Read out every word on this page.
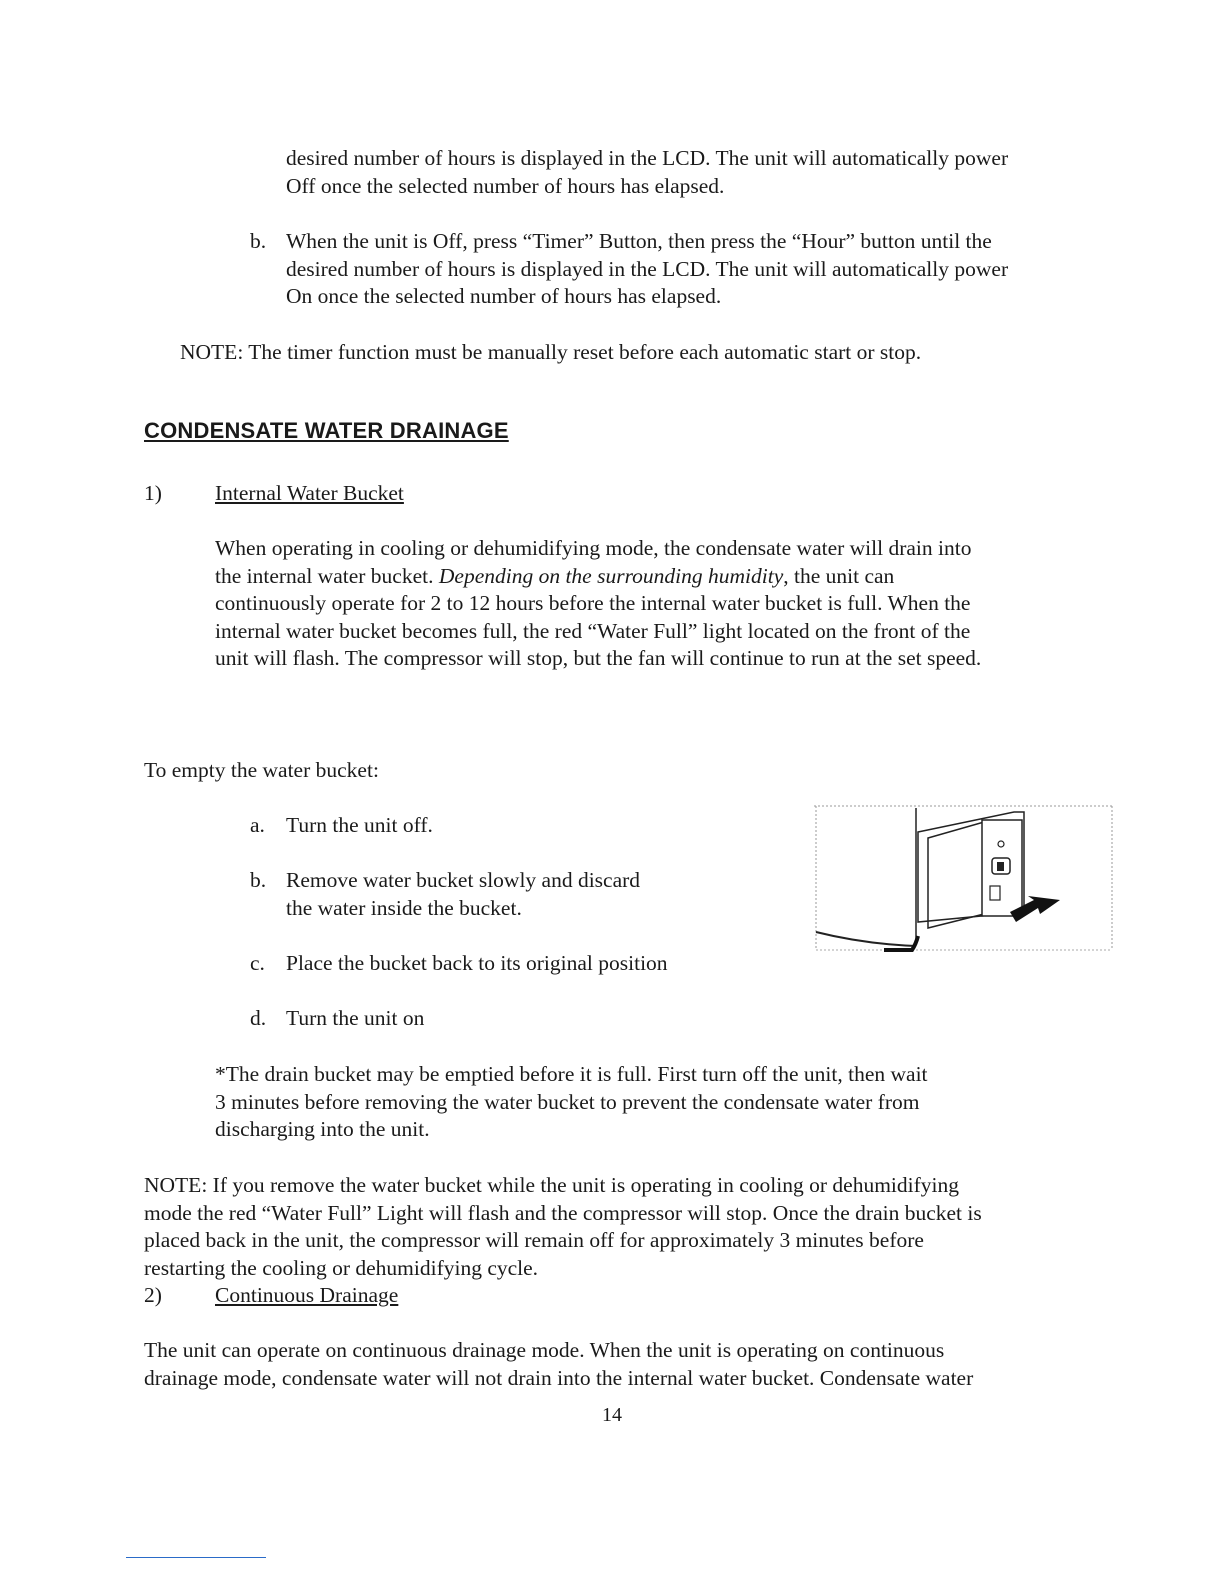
desired number of hours is displayed in the LCD. The unit will automatically power
Off once the selected number of hours has elapsed.
b. When the unit is Off, press “Timer” Button, then press the “Hour” button until the
desired number of hours is displayed in the LCD. The unit will automatically power
On once the selected number of hours has elapsed.
NOTE: The timer function must be manually reset before each automatic start or stop.
CONDENSATE WATER DRAINAGE
1) Internal Water Bucket
When operating in cooling or dehumidifying mode, the condensate water will drain into
the internal water bucket. Depending on the surrounding humidity, the unit can
continuously operate for 2 to 12 hours before the internal water bucket is full. When the
internal water bucket becomes full, the red “Water Full” light located on the front of the
unit will flash. The compressor will stop, but the fan will continue to run at the set speed.
To empty the water bucket:
a. Turn the unit off.
b. Remove water bucket slowly and discard
the water inside the bucket.
c. Place the bucket back to its original position
d. Turn the unit on
*The drain bucket may be emptied before it is full. First turn off the unit, then wait
3 minutes before removing the water bucket to prevent the condensate water from
discharging into the unit.
NOTE: If you remove the water bucket while the unit is operating in cooling or dehumidifying
mode the red “Water Full” Light will flash and the compressor will stop. Once the drain bucket is
placed back in the unit, the compressor will remain off for approximately 3 minutes before
restarting the cooling or dehumidifying cycle.
2) Continuous Drainage
The unit can operate on continuous drainage mode. When the unit is operating on continuous
drainage mode, condensate water will not drain into the internal water bucket. Condensate water
14
